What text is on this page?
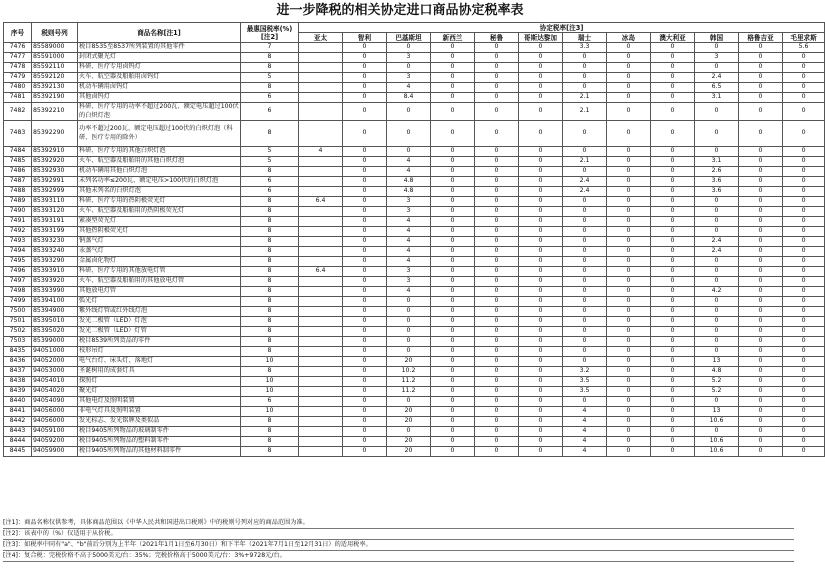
进一步降税的相关协定进口商品协定税率表
序号	税则号列	商品名称[注1]	最惠国税率(%)[注2]	协定税率[注3]											
				亚太	智利	巴基斯坦	新西兰	秘鲁	哥斯达黎加	瑞士	冰岛	澳大利亚	韩国	格鲁吉亚	毛里求斯
7476	85589000	税目8535至8537所列装置的其他零件	7		0	0	0	0	0	3.3	0	0	0	0	5.6
7477	85591000	封闭式聚光灯	8		0	3	0	0	0	0	0	0	3	0	0
7478	85592110	科研、医疗专用卤钨灯	8		0	0	0	0	0	0	0	0	0	0	0
7479	85592120	火车、航空器及船舶用卤钨灯	5		0	3	0	0	0	0	0	0	2.4	0	0
7480	85392130	机动车辆用卤钨灯	8		0	4	0	0	0	0	0	0	6.5	0	0
7481	85392190	其他卤钨灯	6		0	8.4	0	0	0	2.1	0	0	3.1	0	0
7482	85392210	科研、医疗专用的功率不超过200瓦、额定电压超过100伏的白炽灯泡	6		0	0	0	0	0	2.1	0	0	0	0	0
7483	85392290	功率不超过200瓦、额定电压超过100伏的白炽灯泡（科研、医疗专用的除外）	8		0	0	0	0	0	0	0	0	0	0	0
7484	85392910	科研、医疗专用的其他白炽灯泡	5	4	0	0	0	0	0	0	0	0	0	0	0
7485	85392920	火车、航空器及船舶用的其他白炽灯泡	5		0	4	0	0	0	2.1	0	0	3.1	0	0
7486	85392930	机动车辆用其他白炽灯泡	8		0	4	0	0	0	0	0	0	2.6	0	0
7487	85392991	未列名功率≤200瓦、额定电压>100伏的白炽灯泡	6		0	4.8	0	0	0	2.4	0	0	3.6	0	0
7488	85392999	其他未列名的白炽灯泡	6		0	4.8	0	0	0	2.4	0	0	3.6	0	0
7489	85393110	科研、医疗专用的热阴极荧光灯	8	6.4	0	3	0	0	0	0	0	0	0	0	0
7490	85393120	火车、航空器及船舶用的热阴极荧光灯	8		0	3	0	0	0	0	0	0	0	0	0
7491	85393191	紧凑型荧光灯	8		0	4	0	0	0	0	0	0	0	0	0
7492	85393199	其他热阴极荧光灯	8		0	4	0	0	0	0	0	0	0	0	0
7493	85393230	钠蒸气灯	8		0	4	0	0	0	0	0	0	2.4	0	0
7494	85393240	汞蒸气灯	8		0	4	0	0	0	0	0	0	2.4	0	0
7495	85393290	金属卤化物灯	8		0	4	0	0	0	0	0	0	0	0	0
7496	85393910	科研、医疗专用的其他放电灯管	8	6.4	0	3	0	0	0	0	0	0	0	0	0
7497	85393920	火车、航空器及船舶用的其他放电灯管	8		0	3	0	0	0	0	0	0	0	0	0
7498	85393990	其他放电灯管	8		0	4	0	0	0	0	0	0	4.2	0	0
7499	85394100	弧光灯	8		0	0	0	0	0	0	0	0	0	0	0
7500	85394900	紫外线灯管或红外线灯泡	8		0	0	0	0	0	0	0	0	0	0	0
7501	85395010	发光二极管（LED）灯泡	8		0	0	0	0	0	0	0	0	0	0	0
7502	85395020	发光二极管（LED）灯管	8		0	0	0	0	0	0	0	0	0	0	0
7503	85399000	税目8539所列货品的零件	8		0	0	0	0	0	0	0	0	0	0	0
8435	94051000	枝形吊灯	8		0	0	0	0	0	0	0	0	0	0	0
8436	94052000	电气台灯、床头灯、落地灯	10		0	20	0	0	0	0	0	0	13	0	0
8437	94053000	圣诞树用的成套灯具	8		0	10.2	0	0	0	3.2	0	0	4.8	0	0
8438	94054010	探照灯	10		0	11.2	0	0	0	3.5	0	0	5.2	0	0
8439	94054020	聚光灯	10		0	11.2	0	0	0	3.5	0	0	5.2	0	0
8440	94054090	其他电灯及照明装置	6		0	0	0	0	0	0	0	0	0	0	0
8441	94056000	非电气灯具及照明装置	10		0	20	0	0	0	4	0	0	13	0	0
8442	94056000	发光标志、发光铭牌及类似品	8		0	20	0	0	0	4	0	0	10.6	0	0
8443	94059100	税目9405所列物品的玻璃制零件	8		0	0	0	0	0	4	0	0	0	0	0
8444	94059200	税目9405所列物品的塑料制零件	8		0	20	0	0	0	4	0	0	10.6	0	0
8445	94059900	税目9405所列物品的其他材料制零件	8		0	20	0	0	0	4	0	0	10.6	0	0
[注1]：商品名称仅供参考，具体商品范围以《中华人民共和国进出口税则》中的税则号列对应的商品范围为准。
[注2]：该表中的（%）仅适用于从价税。
[注3]：如税率中同有"a"、"b"前后分别为上半年（2021年1月1日至6月30日）和下半年（2021年7月1日至12月31日）的适用税率。
[注4]：复合税：完税价格不高于5000美元/台：35%；完税价格高于5000美元/台：3%+9728元/台。
